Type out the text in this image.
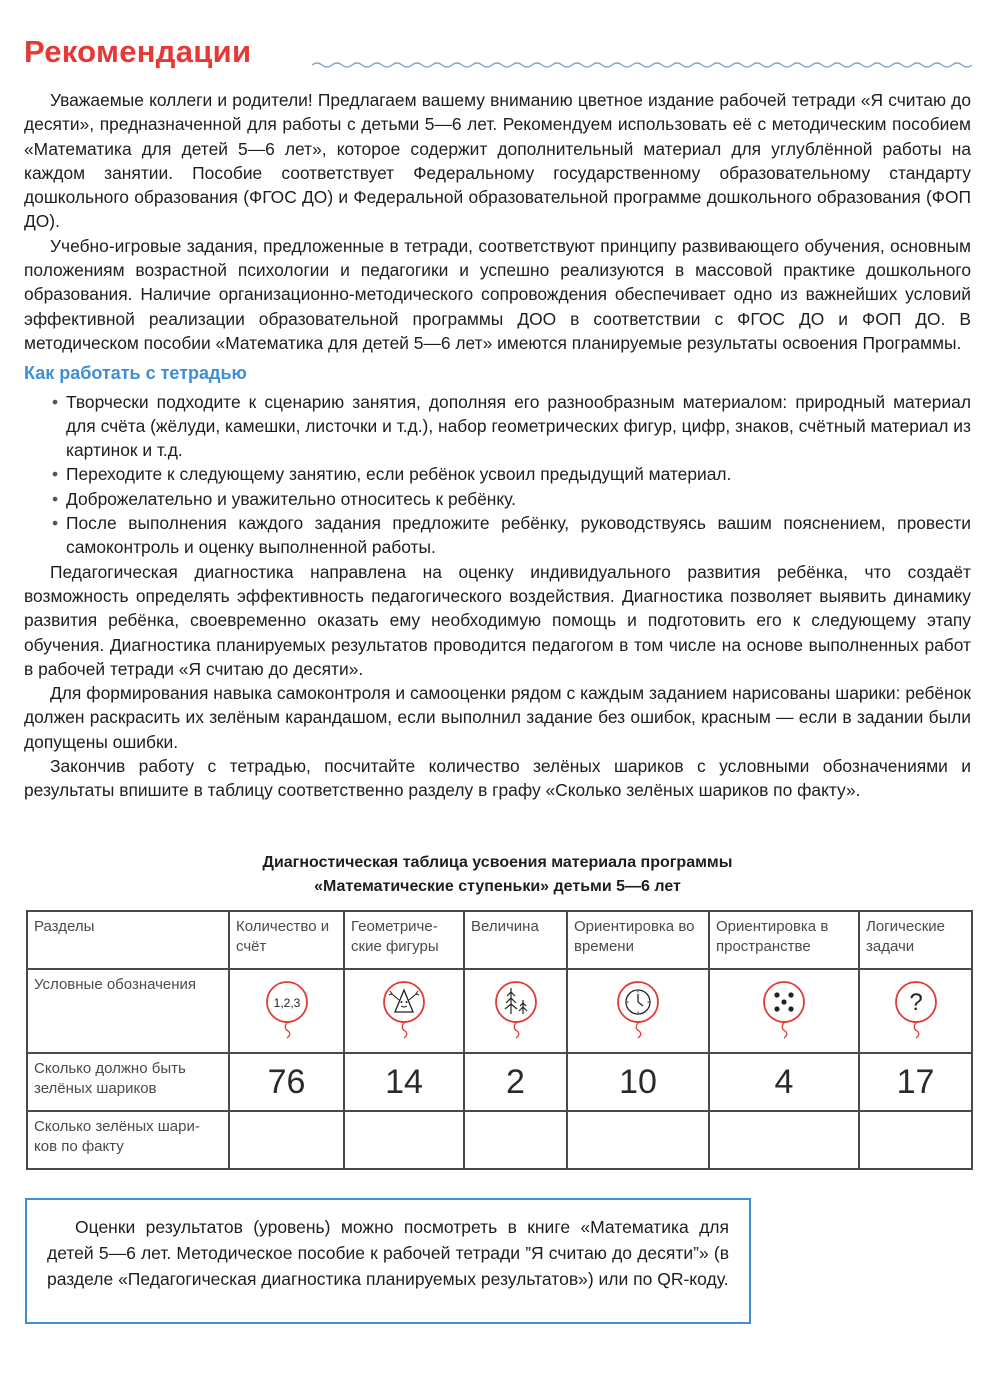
Рекомендации

Уважаемые коллеги и родители! Предлагаем вашему вниманию цветное издание рабочей тетради «Я считаю до десяти», предназначенной для работы с детьми 5—6 лет. Рекомендуем использовать её с методическим пособием «Математика для детей 5—6 лет», которое содержит дополнительный материал для углублённой работы на каждом занятии. Пособие соответствует Федеральному государственному образовательному стандарту дошкольного образования (ФГОС ДО) и Федеральной образовательной программе дошкольного образования (ФОП ДО).

Учебно-игровые задания, предложенные в тетради, соответствуют принципу развивающего обучения, основным положениям возрастной психологии и педагогики и успешно реализуются в массовой практике дошкольного образования. Наличие организационно-методического сопровождения обеспечивает одно из важнейших условий эффективной реализации образовательной программы ДОО в соответствии с ФГОС ДО и ФОП ДО. В методическом пособии «Математика для детей 5—6 лет» имеются планируемые результаты освоения Программы.

Как работать с тетрадью
• Творчески подходите к сценарию занятия, дополняя его разнообразным материалом: природный материал для счёта (жёлуди, камешки, листочки и т.д.), набор геометрических фигур, цифр, знаков, счётный материал из картинок и т.д.
• Переходите к следующему занятию, если ребёнок усвоил предыдущий материал.
• Доброжелательно и уважительно относитесь к ребёнку.
• После выполнения каждого задания предложите ребёнку, руководствуясь вашим пояснением, провести самоконтроль и оценку выполненной работы.

Педагогическая диагностика направлена на оценку индивидуального развития ребёнка, что создаёт возможность определять эффективность педагогического воздействия. Диагностика позволяет выявить динамику развития ребёнка, своевременно оказать ему необходимую помощь и подготовить его к следующему этапу обучения. Диагностика планируемых результатов проводится педагогом в том числе на основе выполненных работ в рабочей тетради «Я считаю до десяти».

Для формирования навыка самоконтроля и самооценки рядом с каждым заданием нарисованы шарики: ребёнок должен раскрасить их зелёным карандашом, если выполнил задание без ошибок, красным — если в задании были допущены ошибки.

Закончив работу с тетрадью, посчитайте количество зелёных шариков с условными обозначениями и результаты впишите в таблицу соответственно разделу в графу «Сколько зелёных шариков по факту».

Диагностическая таблица усвоения материала программы
«Математические ступеньки» детьми 5—6 лет
Разделы	Количество и счёт	Геометриче-ские фигуры	Величина	Ориентировка во времени	Ориентировка в пространстве	Логические задачи
Условные обозначения	1,2,3					?

Сколько должно быть зелёных шариков	76	14	2	10	4	17
Сколько зелёных шари-ков по факту						

Оценки результатов (уровень) можно посмотреть в книге «Математика для детей 5—6 лет. Методическое пособие к рабочей тетради ”Я считаю до десяти”» (в разделе «Педагогическая диагностика планируемых результатов») или по QR-коду.
